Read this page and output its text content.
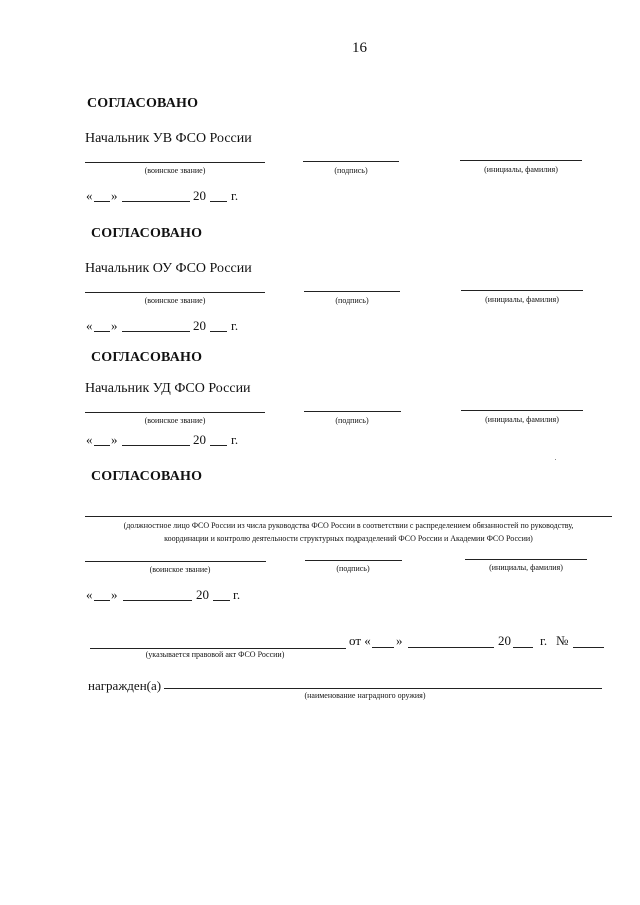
16
СОГЛАСОВАНО
Начальник УВ ФСО России
(воинское звание)	(подпись)	(инициалы, фамилия)
« »	20 г.
СОГЛАСОВАНО
Начальник ОУ ФСО России
(воинское звание)	(подпись)	(инициалы, фамилия)
« »	20 г.
СОГЛАСОВАНО
Начальник УД ФСО России
(воинское звание)	(подпись)	(инициалы, фамилия)
« »	20 г.
СОГЛАСОВАНО
(должностное лицо ФСО России из числа руководства ФСО России в соответствии с распределением обязанностей по руководству,
координации и контролю деятельности структурных подразделений ФСО России и Академии ФСО России)
(воинское звание)	(подпись)	(инициалы, фамилия)
« »	20 г.
от « »	20 г. №
(указывается правовой акт ФСО России)
награжден(а)
(наименование наградного оружия)
